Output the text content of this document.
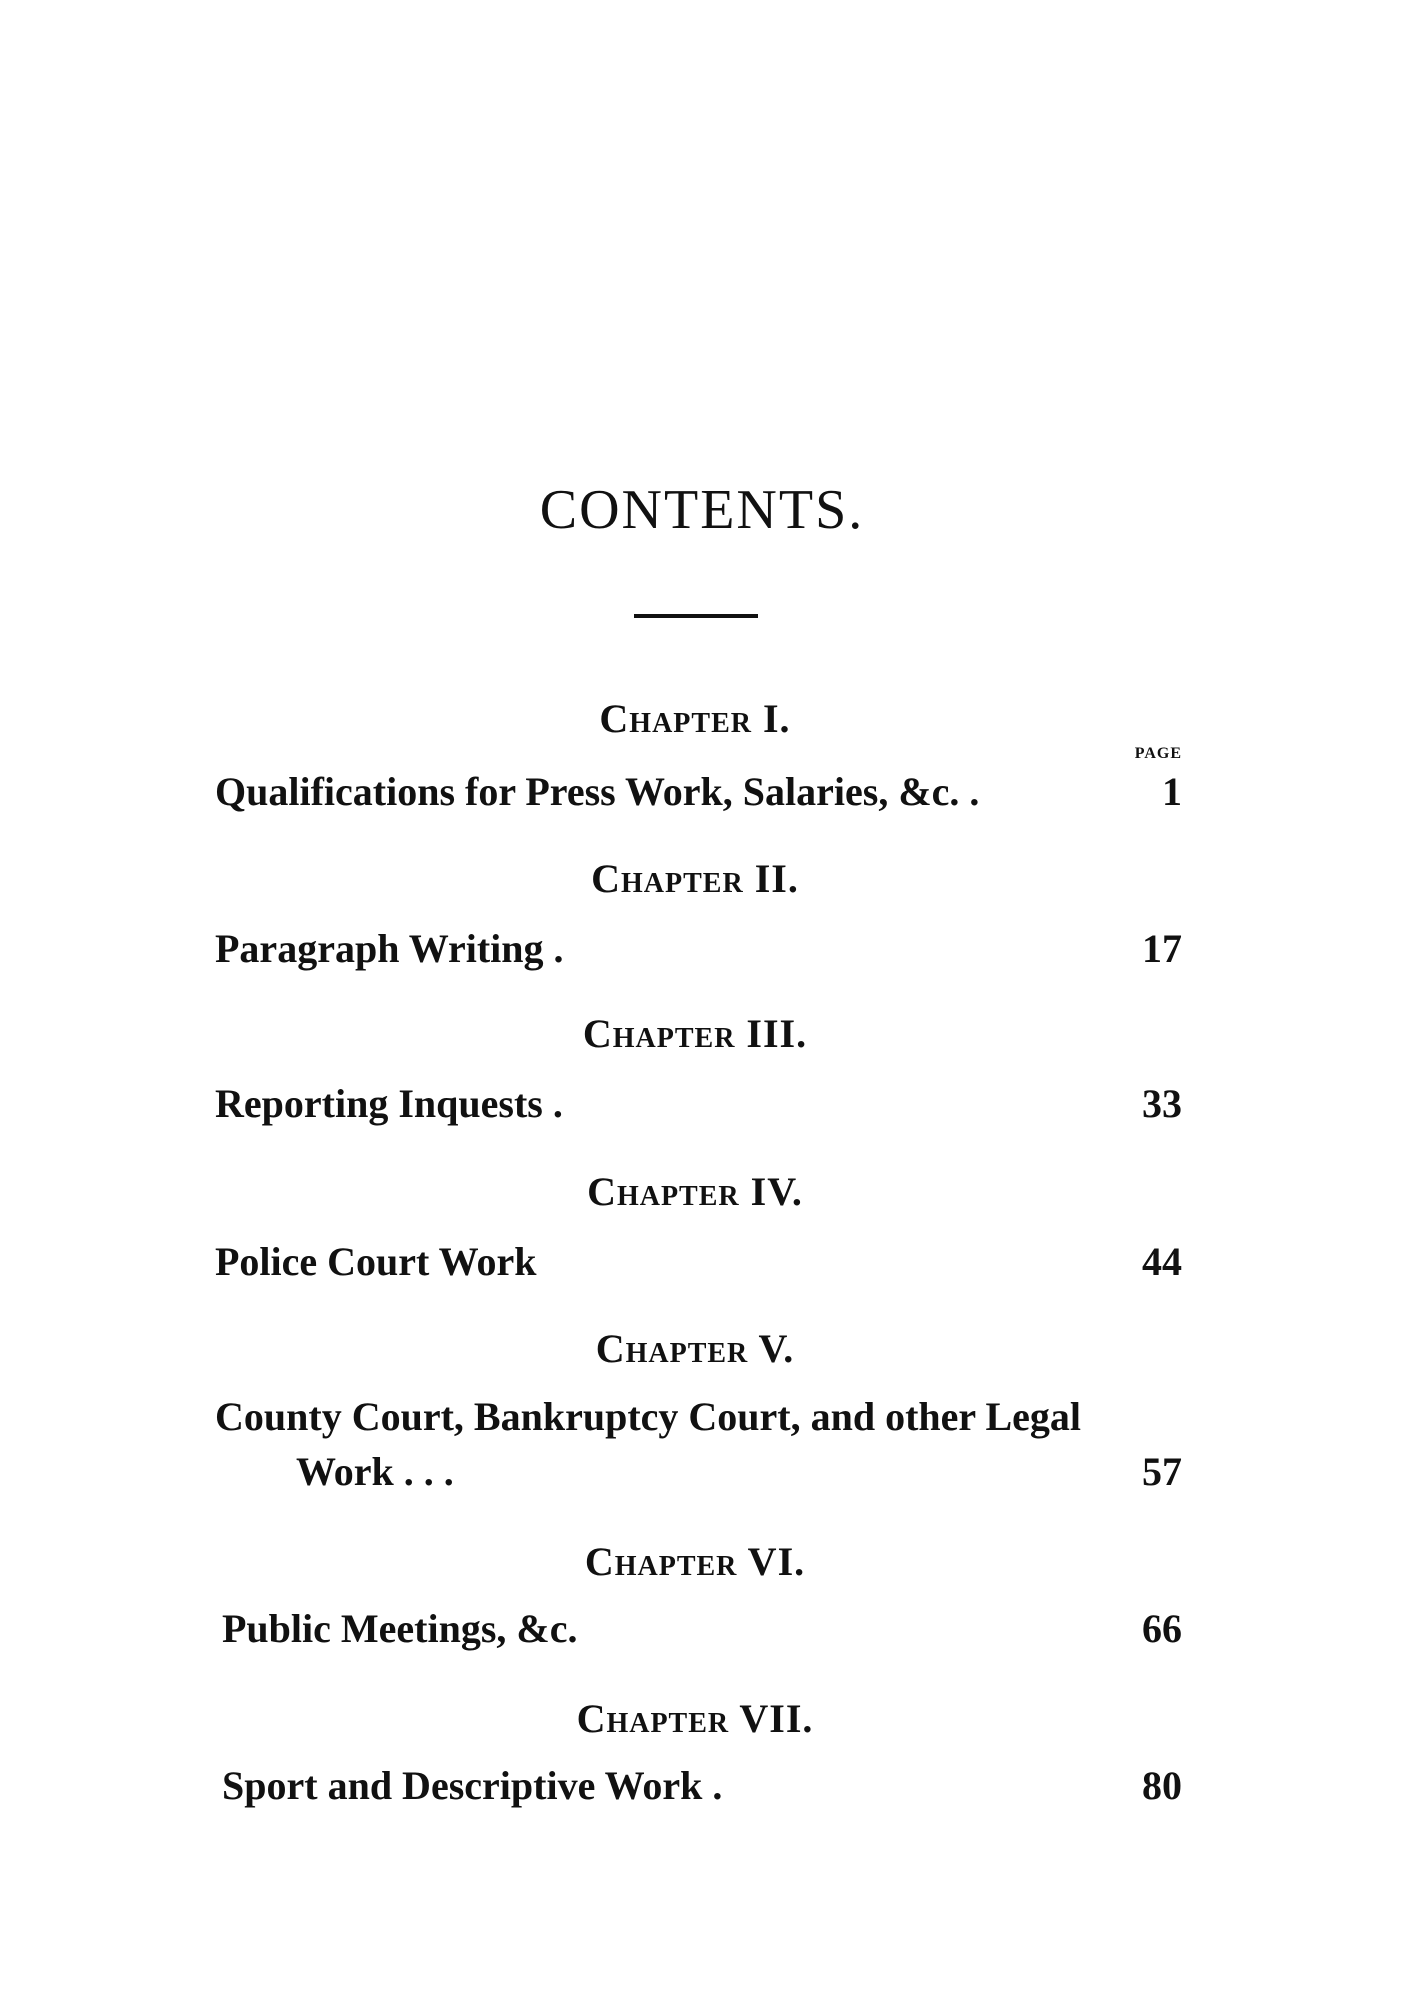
CONTENTS.
Chapter I.
PAGE
Qualifications for Press Work, Salaries, &c. .	1
Chapter II.
Paragraph Writing .	17
Chapter III.
Reporting Inquests .	33
Chapter IV.
Police Court Work	44
Chapter V.
County Court, Bankruptcy Court, and other Legal
Work . . .	57
Chapter VI.
Public Meetings, &c.	66
Chapter VII.
Sport and Descriptive Work .	80
